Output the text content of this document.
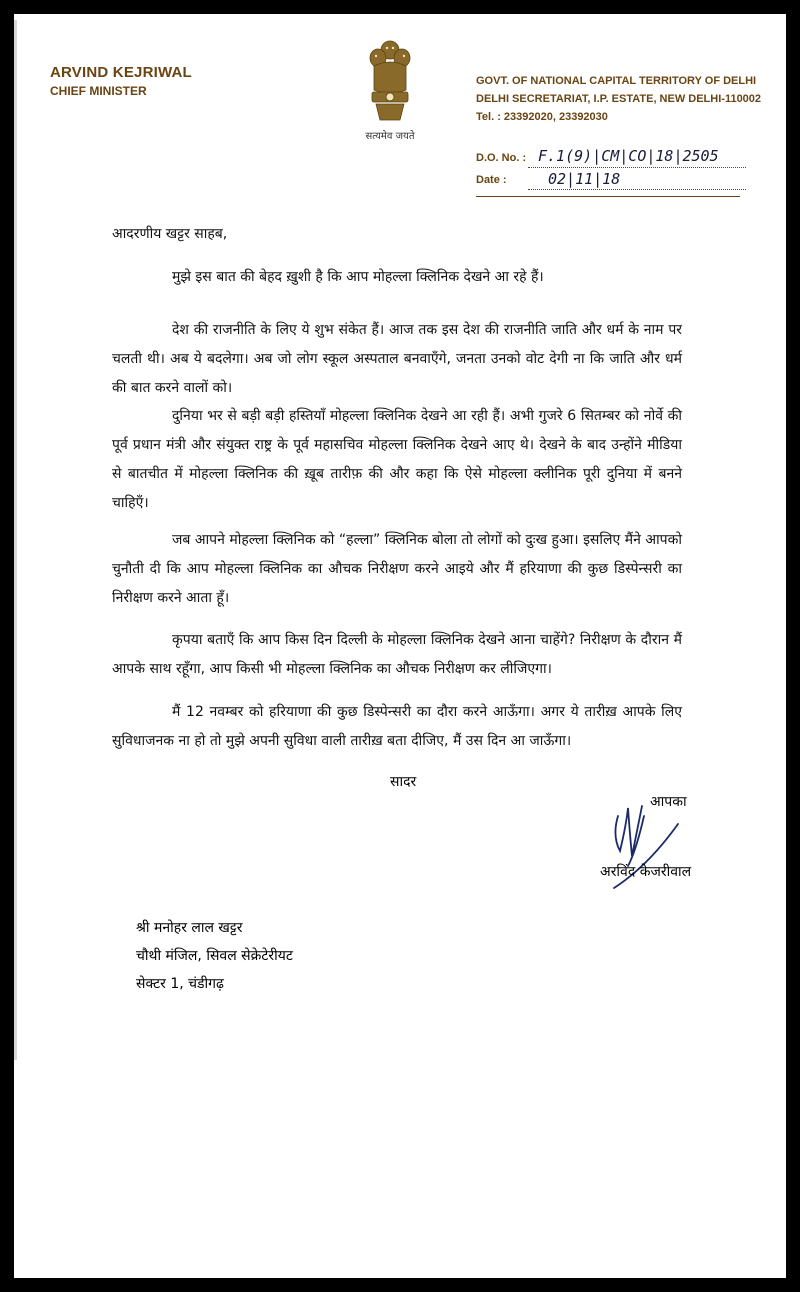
ARVIND KEJRIWAL
CHIEF MINISTER
सत्यमेव जयते
GOVT. OF NATIONAL CAPITAL TERRITORY OF DELHI
DELHI SECRETARIAT, I.P. ESTATE, NEW DELHI-110002
Tel. : 23392020, 23392030
D.O. No. : F.1(9)|CM|CO|18|2505
Date :	02|11|18
आदरणीय खट्टर साहब,
मुझे इस बात की बेहद ख़ुशी है कि आप मोहल्ला क्लिनिक देखने आ रहे हैं।
देश की राजनीति के लिए ये शुभ संकेत हैं। आज तक इस देश की राजनीति जाति और धर्म के नाम पर चलती थी। अब ये बदलेगा। अब जो लोग स्कूल अस्पताल बनवाएँगे, जनता उनको वोट देगी ना कि जाति और धर्म की बात करने वालों को।
दुनिया भर से बड़ी बड़ी हस्तियाँ मोहल्ला क्लिनिक देखने आ रही हैं। अभी गुजरे 6 सितम्बर को नोर्वे की पूर्व प्रधान मंत्री और संयुक्त राष्ट्र के पूर्व महासचिव मोहल्ला क्लिनिक देखने आए थे। देखने के बाद उन्होंने मीडिया से बातचीत में मोहल्ला क्लिनिक की ख़ूब तारीफ़ की और कहा कि ऐसे मोहल्ला क्लीनिक पूरी दुनिया में बनने चाहिएँ।
जब आपने मोहल्ला क्लिनिक को “हल्ला” क्लिनिक बोला तो लोगों को दुःख हुआ। इसलिए मैंने आपको चुनौती दी कि आप मोहल्ला क्लिनिक का औचक निरीक्षण करने आइये और मैं हरियाणा की कुछ डिस्पेन्सरी का निरीक्षण करने आता हूँ।
कृपया बताएँ कि आप किस दिन दिल्ली के मोहल्ला क्लिनिक देखने आना चाहेंगे? निरीक्षण के दौरान मैं आपके साथ रहूँगा, आप किसी भी मोहल्ला क्लिनिक का औचक निरीक्षण कर लीजिएगा।
मैं 12 नवम्बर को हरियाणा की कुछ डिस्पेन्सरी का दौरा करने आऊँगा। अगर ये तारीख़ आपके लिए सुविधाजनक ना हो तो मुझे अपनी सुविधा वाली तारीख़ बता दीजिए, मैं उस दिन आ जाऊँगा।
सादर
आपका
अरविंद केजरीवाल
श्री मनोहर लाल खट्टर
चौथी मंजिल, सिवल सेक्रेटेरीयट
सेक्टर 1, चंडीगढ़
